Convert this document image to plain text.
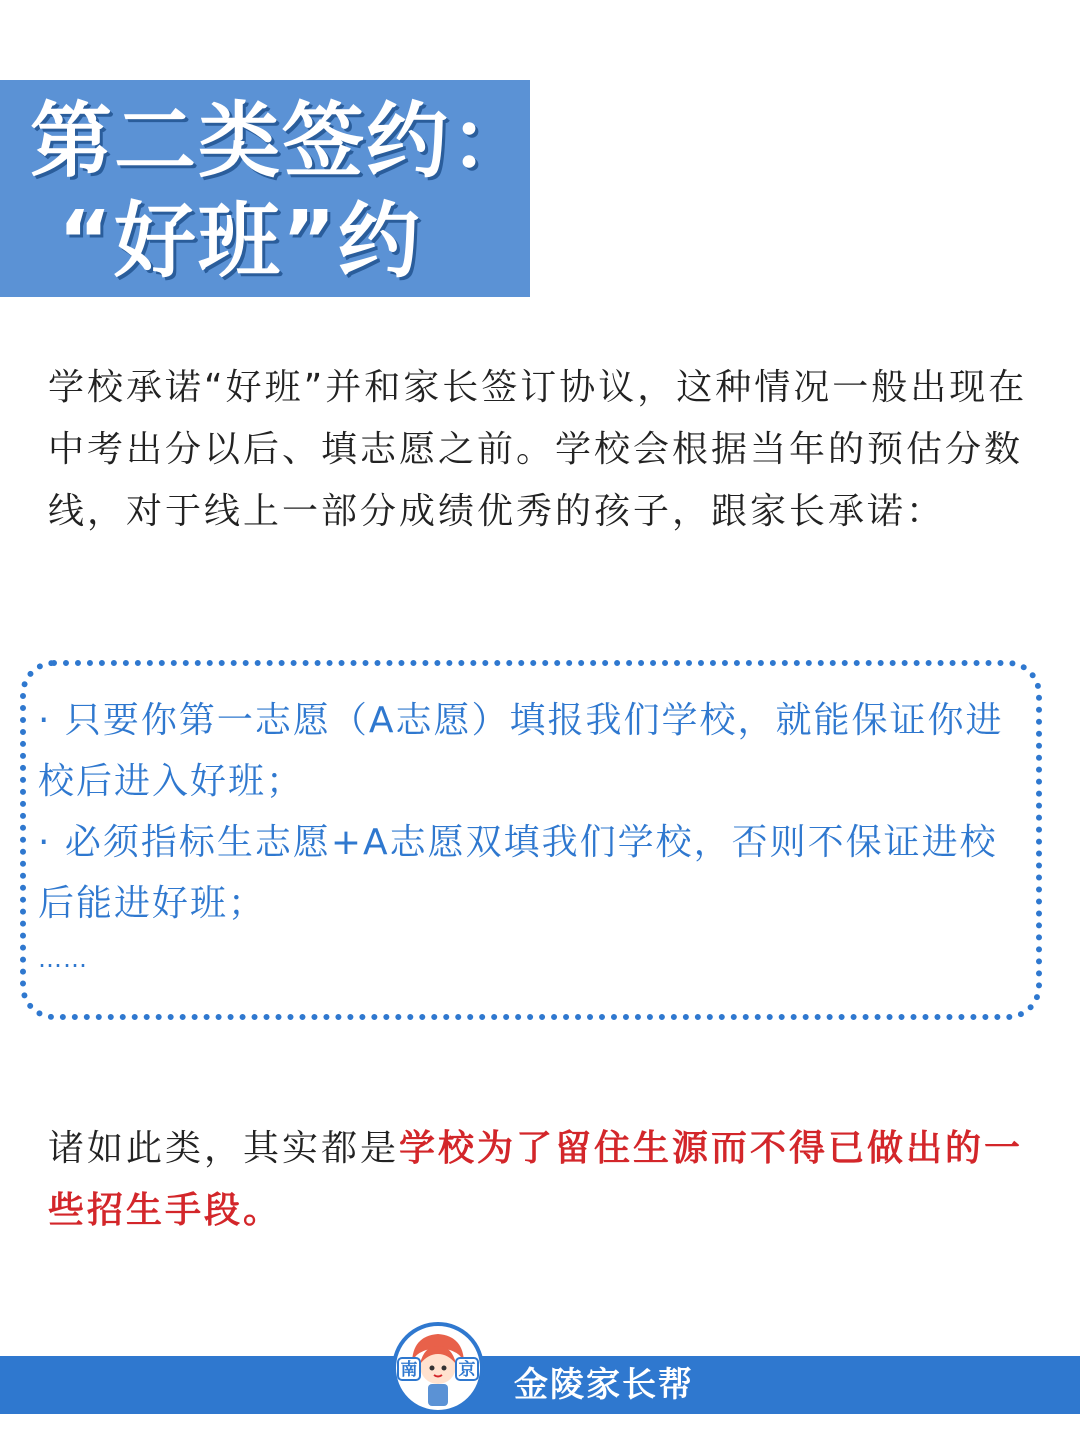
第二类签约：
“好班”约

学校承诺“好班”并和家长签订协议，这种情况一般出现在中考出分以后、填志愿之前。学校会根据当年的预估分数线，对于线上一部分成绩优秀的孩子，跟家长承诺：

· 只要你第一志愿（A志愿）填报我们学校，就能保证你进校后进入好班；

· 必须指标生志愿+A志愿双填我们学校，否则不保证进校后能进好班；

……

诸如此类，其实都是学校为了留住生源而不得已做出的一些招生手段。

南 京 金陵家长帮
